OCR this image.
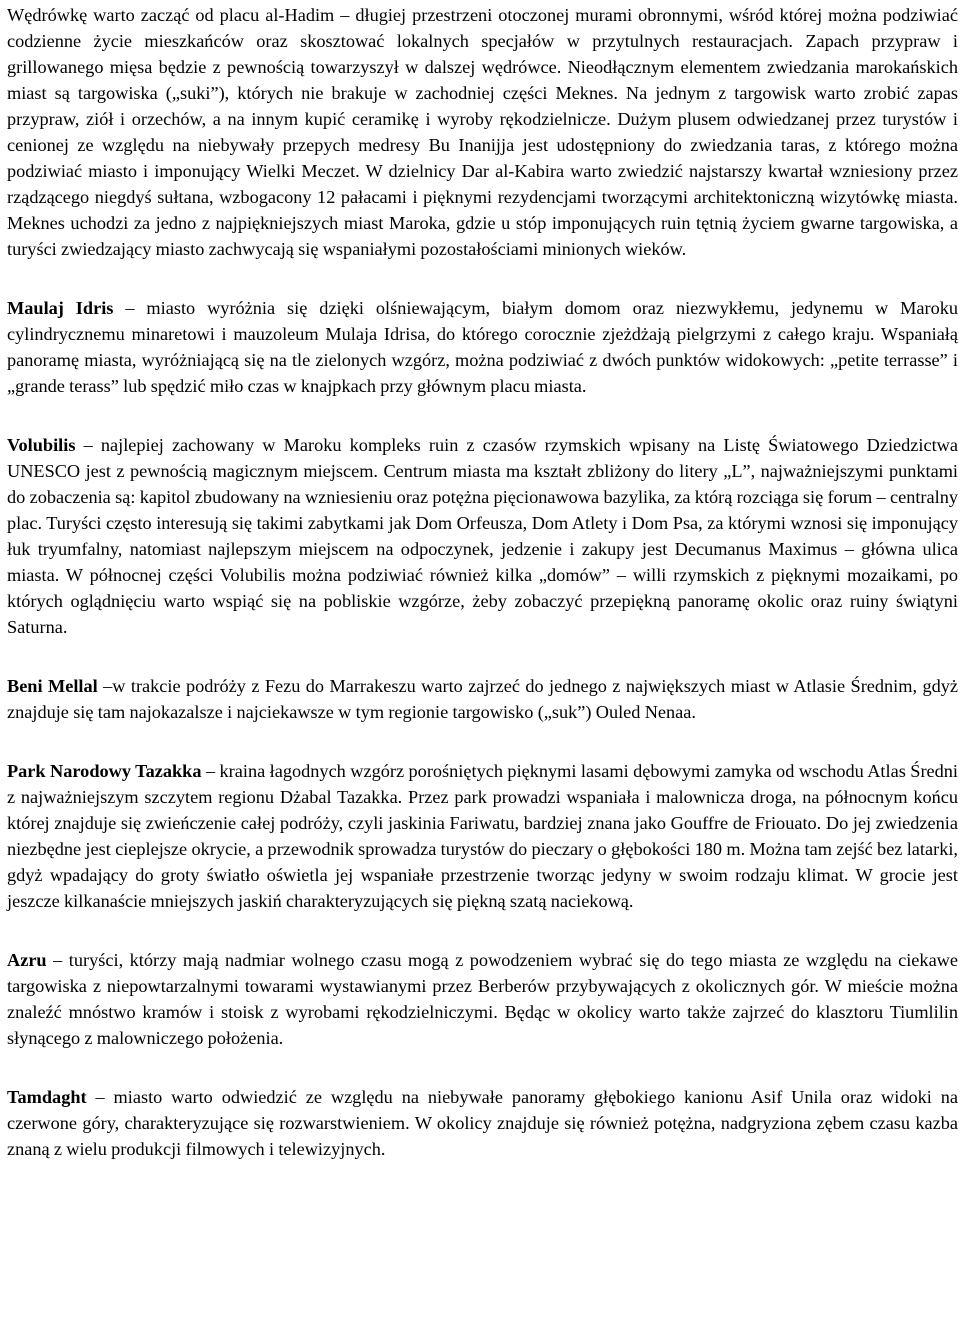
Wędrówkę warto zacząć od placu al-Hadim – długiej przestrzeni otoczonej murami obronnymi, wśród której można podziwiać codzienne życie mieszkańców oraz skosztować lokalnych specjałów w przytulnych restauracjach. Zapach przypraw i grillowanego mięsa będzie z pewnością towarzyszył w dalszej wędrówce. Nieodłącznym elementem zwiedzania marokańskich miast są targowiska („suki”), których nie brakuje w zachodniej części Meknes. Na jednym z targowisk warto zrobić zapas przypraw, ziół i orzechów, a na innym kupić ceramikę i wyroby rękodzielnicze. Dużym plusem odwiedzanej przez turystów i cenionej ze względu na niebywały przepych medresy Bu Inanijja jest udostępniony do zwiedzania taras, z którego można podziwiać miasto i imponujący Wielki Meczet. W dzielnicy Dar al-Kabira warto zwiedzić najstarszy kwartał wzniesiony przez rządzącego niegdyś sułtana, wzbogacony 12 pałacami i pięknymi rezydencjami tworzącymi architektoniczną wizytówkę miasta. Meknes uchodzi za jedno z najpiękniejszych miast Maroka, gdzie u stóp imponujących ruin tętnią życiem gwarne targowiska, a turyści zwiedzający miasto zachwycają się wspaniałymi pozostałościami minionych wieków.

Maulaj Idris – miasto wyróżnia się dzięki olśniewającym, białym domom oraz niezwykłemu, jedynemu w Maroku cylindrycznemu minaretowi i mauzoleum Mulaja Idrisa, do którego corocznie zjeżdżają pielgrzymi z całego kraju. Wspaniałą panoramę miasta, wyróżniającą się na tle zielonych wzgórz, można podziwiać z dwóch punktów widokowych: „petite terrasse” i „grande terass” lub spędzić miło czas w knajpkach przy głównym placu miasta.

Volubilis – najlepiej zachowany w Maroku kompleks ruin z czasów rzymskich wpisany na Listę Światowego Dziedzictwa UNESCO jest z pewnością magicznym miejscem. Centrum miasta ma kształt zbliżony do litery „L”, najważniejszymi punktami do zobaczenia są: kapitol zbudowany na wzniesieniu oraz potężna pięcionawowa bazylika, za którą rozciąga się forum – centralny plac. Turyści często interesują się takimi zabytkami jak Dom Orfeusza, Dom Atlety i Dom Psa, za którymi wznosi się imponujący łuk tryumfalny, natomiast najlepszym miejscem na odpoczynek, jedzenie i zakupy jest Decumanus Maximus – główna ulica miasta. W północnej części Volubilis można podziwiać również kilka „domów” – willi rzymskich z pięknymi mozaikami, po których oglądnięciu warto wspiąć się na pobliskie wzgórze, żeby zobaczyć przepiękną panoramę okolic oraz ruiny świątyni Saturna.

Beni Mellal –w trakcie podróży z Fezu do Marrakeszu warto zajrzeć do jednego z największych miast w Atlasie Średnim, gdyż znajduje się tam najokazalsze i najciekawsze w tym regionie targowisko („suk”) Ouled Nenaa.

Park Narodowy Tazakka – kraina łagodnych wzgórz porośniętych pięknymi lasami dębowymi zamyka od wschodu Atlas Średni z najważniejszym szczytem regionu Dżabal Tazakka. Przez park prowadzi wspaniała i malownicza droga, na północnym końcu której znajduje się zwieńczenie całej podróży, czyli jaskinia Fariwatu, bardziej znana jako Gouffre de Friouato. Do jej zwiedzenia niezbędne jest cieplejsze okrycie, a przewodnik sprowadza turystów do pieczary o głębokości 180 m. Można tam zejść bez latarki, gdyż wpadający do groty światło oświetla jej wspaniałe przestrzenie tworząc jedyny w swoim rodzaju klimat. W grocie jest jeszcze kilkanaście mniejszych jaskiń charakteryzujących się piękną szatą naciekową.

Azru – turyści, którzy mają nadmiar wolnego czasu mogą z powodzeniem wybrać się do tego miasta ze względu na ciekawe targowiska z niepowtarzalnymi towarami wystawianymi przez Berberów przybywających z okolicznych gór. W mieście można znaleźć mnóstwo kramów i stoisk z wyrobami rękodzielniczymi. Będąc w okolicy warto także zajrzeć do klasztoru Tiumlilin słynącego z malowniczego położenia.

Tamdaght – miasto warto odwiedzić ze względu na niebywałe panoramy głębokiego kanionu Asif Unila oraz widoki na czerwone góry, charakteryzujące się rozwarstwieniem. W okolicy znajduje się również potężna, nadgryziona zębem czasu kazba znaną z wielu produkcji filmowych i telewizyjnych.
